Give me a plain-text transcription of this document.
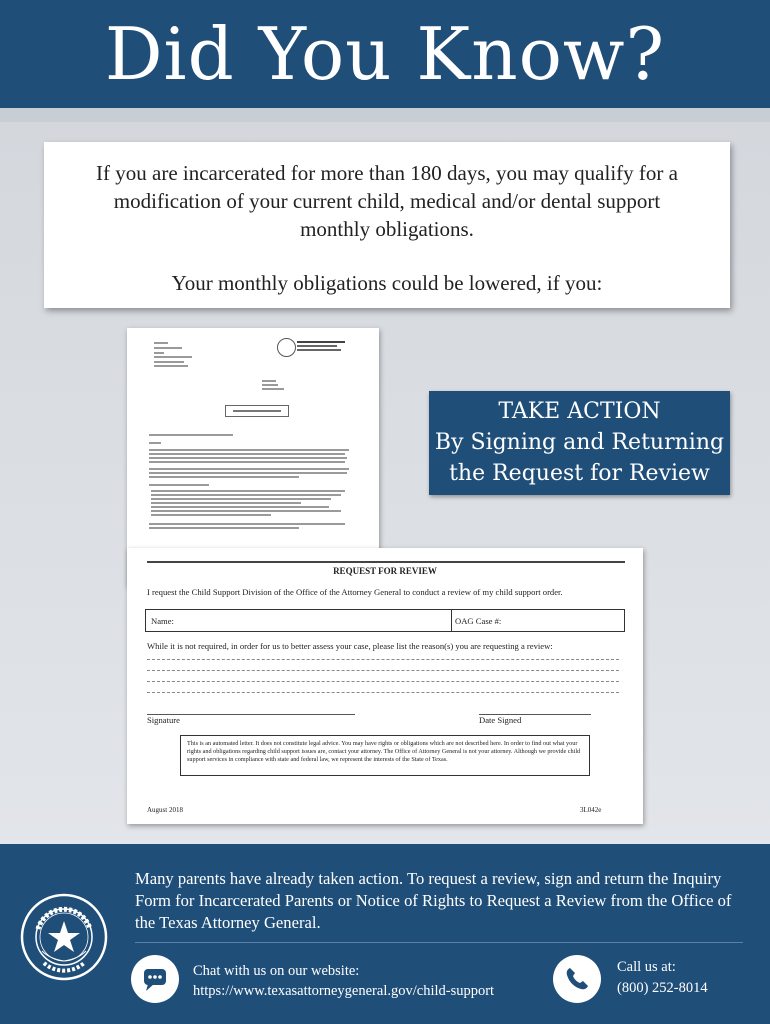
Did You Know?
If you are incarcerated for more than 180 days, you may qualify for a
modification of your current child, medical and/or dental support
monthly obligations.
Your monthly obligations could be lowered, if you:
TAKE ACTION
By Signing and Returning
the Request for Review
REQUEST FOR REVIEW
I request the Child Support Division of the Office of the Attorney General to conduct a review of my child support order.
Name:	OAG Case #:
While it is not required, in order for us to better assess your case, please list the reason(s) you are requesting a review:
Signature	Date Signed
This is an automated letter. It does not constitute legal advice. You may have rights or obligations which are not described here. In order to find out what your rights and obligations regarding child support issues are, contact your attorney. The Office of Attorney General is not your attorney. Although we provide child support services in compliance with state and federal law, we represent the interests of the State of Texas.
August 2018	3L042e
Many parents have already taken action. To request a review, sign and return the Inquiry Form for Incarcerated Parents or Notice of Rights to Request a Review from the Office of the Texas Attorney General.
Chat with us on our website:
https://www.texasattorneygeneral.gov/child-support
Call us at:
(800) 252-8014
